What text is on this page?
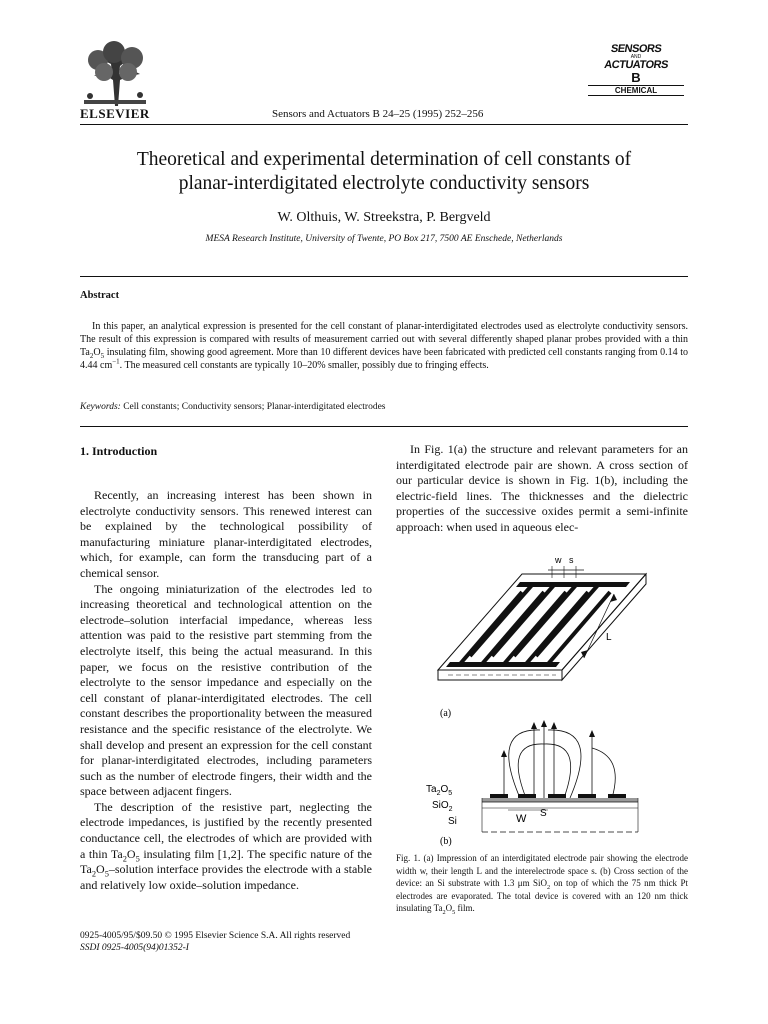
ELSEVIER	Sensors and Actuators B 24–25 (1995) 252–256
SENSORS
AND
ACTUATORS
B
CHEMICAL
Theoretical and experimental determination of cell constants of
planar-interdigitated electrolyte conductivity sensors
W. Olthuis, W. Streekstra, P. Bergveld
MESA Research Institute, University of Twente, PO Box 217, 7500 AE Enschede, Netherlands
Abstract
In this paper, an analytical expression is presented for the cell constant of planar-interdigitated electrodes used as electrolyte conductivity sensors. The result of this expression is compared with results of measurement carried out with several differently shaped planar probes provided with a thin $Ta_2O_5$ insulating film, showing good agreement. More than 10 different devices have been fabricated with predicted cell constants ranging from 0.14 to 4.44 $cm^{-1}$. The measured cell constants are typically 10–20% smaller, possibly due to fringing effects.
Keywords: Cell constants; Conductivity sensors; Planar-interdigitated electrodes
1. Introduction

Recently, an increasing interest has been shown in electrolyte conductivity sensors. This renewed interest can be explained by the technological possibility of manufacturing miniature planar-interdigitated electrodes, which, for example, can form the transducing part of a chemical sensor.

The ongoing miniaturization of the electrodes led to increasing theoretical and technological attention on the electrode–solution interfacial impedance, whereas less attention was paid to the resistive part stemming from the electrolyte itself, this being the actual measurand. In this paper, we focus on the resistive contribution of the electrolyte to the sensor impedance and especially on the cell constant of planar-interdigitated electrodes. The cell constant describes the proportionality between the measured resistance and the specific resistance of the electrolyte. We shall develop and present an expression for the cell constant for planar-interdigitated electrodes, including parameters such as the number of electrode fingers, their width and the space between adjacent fingers.

The description of the resistive part, neglecting the electrode impedances, is justified by the recently presented conductance cell, the electrodes of which are provided with a thin $Ta_2O_5$ insulating film [1,2]. The specific nature of the $Ta_2O_5$–solution interface provides the electrode with a stable and relatively low oxide–solution impedance.

In Fig. 1(a) the structure and relevant parameters for an interdigitated electrode pair are shown. A cross section of our particular device is shown in Fig. 1(b), including the electric-field lines. The thicknesses and the dielectric properties of the successive oxides permit a semi-infinite approach: when used in aqueous elec-

w s
L
(a)
$Ta_2O_5$
SiO$_2$
Si	W S
(b)
Fig. 1. (a) Impression of an interdigitated electrode pair showing the electrode width w, their length L and the interelectrode space s. (b) Cross section of the device: an Si substrate with 1.3 μm SiO$_2$ on top of which the 75 nm thick Pt electrodes are evaporated. The total device is covered with an 120 nm thick insulating $Ta_2O_5$ film.
0925-4005/95/$09.50 © 1995 Elsevier Science S.A. All rights reserved
SSDI 0925-4005(94)01352-I
